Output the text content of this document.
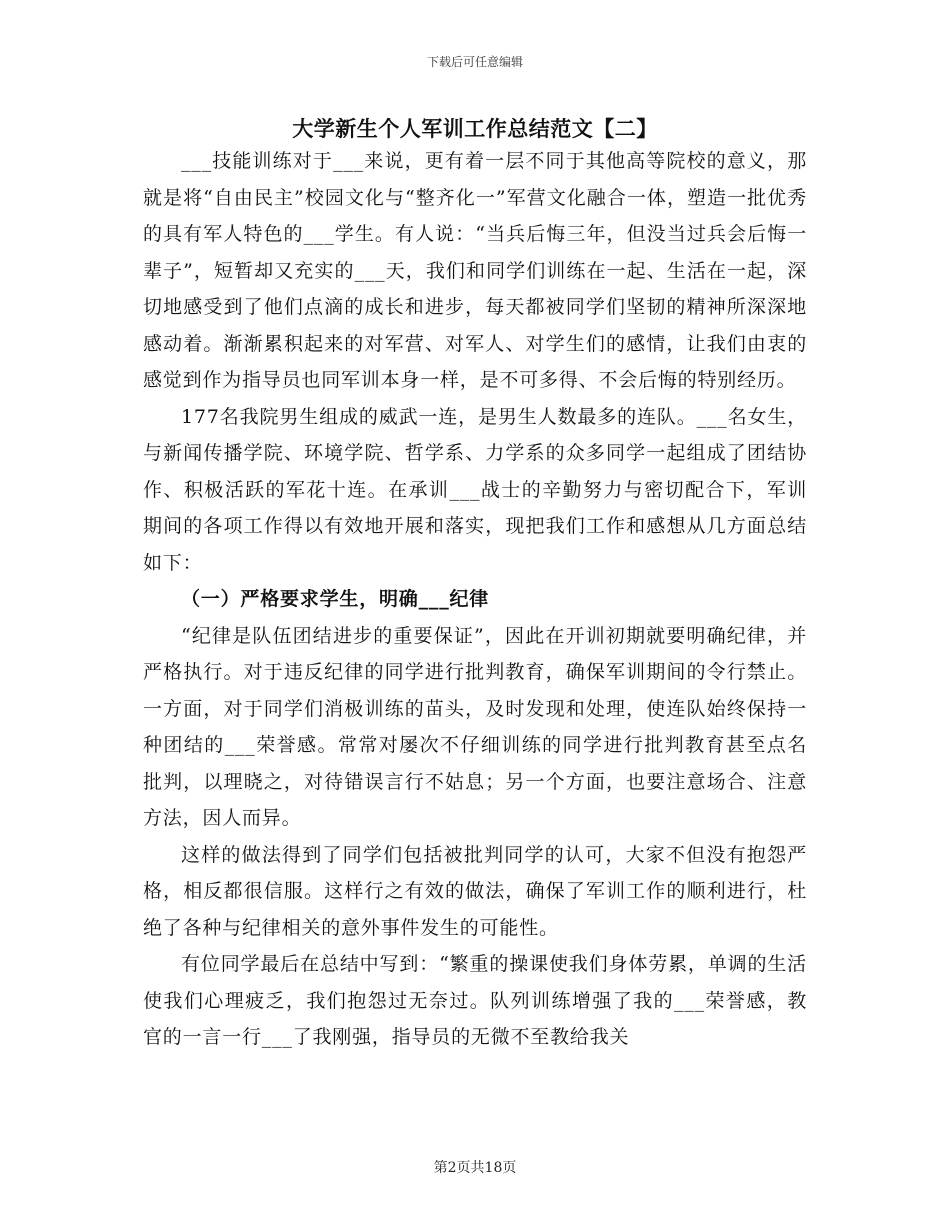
下载后可任意编辑
大学新生个人军训工作总结范文【二】

___技能训练对于___来说，更有着一层不同于其他高等院校的意义，那就是将“自由民主”校园文化与“整齐化一”军营文化融合一体，塑造一批优秀的具有军人特色的___学生。有人说：“当兵后悔三年，但没当过兵会后悔一辈子”，短暂却又充实的___天，我们和同学们训练在一起、生活在一起，深切地感受到了他们点滴的成长和进步，每天都被同学们坚韧的精神所深深地感动着。渐渐累积起来的对军营、对军人、对学生们的感情，让我们由衷的感觉到作为指导员也同军训本身一样，是不可多得、不会后悔的特别经历。

177名我院男生组成的威武一连，是男生人数最多的连队。___名女生，与新闻传播学院、环境学院、哲学系、力学系的众多同学一起组成了团结协作、积极活跃的军花十连。在承训___战士的辛勤努力与密切配合下，军训期间的各项工作得以有效地开展和落实，现把我们工作和感想从几方面总结如下：

（一）严格要求学生，明确___纪律

“纪律是队伍团结进步的重要保证”，因此在开训初期就要明确纪律，并严格执行。对于违反纪律的同学进行批判教育，确保军训期间的令行禁止。一方面，对于同学们消极训练的苗头，及时发现和处理，使连队始终保持一种团结的___荣誉感。常常对屡次不仔细训练的同学进行批判教育甚至点名批判，以理晓之，对待错误言行不姑息；另一个方面，也要注意场合、注意方法，因人而异。

这样的做法得到了同学们包括被批判同学的认可，大家不但没有抱怨严格，相反都很信服。这样行之有效的做法，确保了军训工作的顺利进行，杜绝了各种与纪律相关的意外事件发生的可能性。

有位同学最后在总结中写到：“繁重的操课使我们身体劳累，单调的生活使我们心理疲乏，我们抱怨过无奈过。队列训练增强了我的___荣誉感，教官的一言一行___了我刚强，指导员的无微不至教给我关

第2页共18页
